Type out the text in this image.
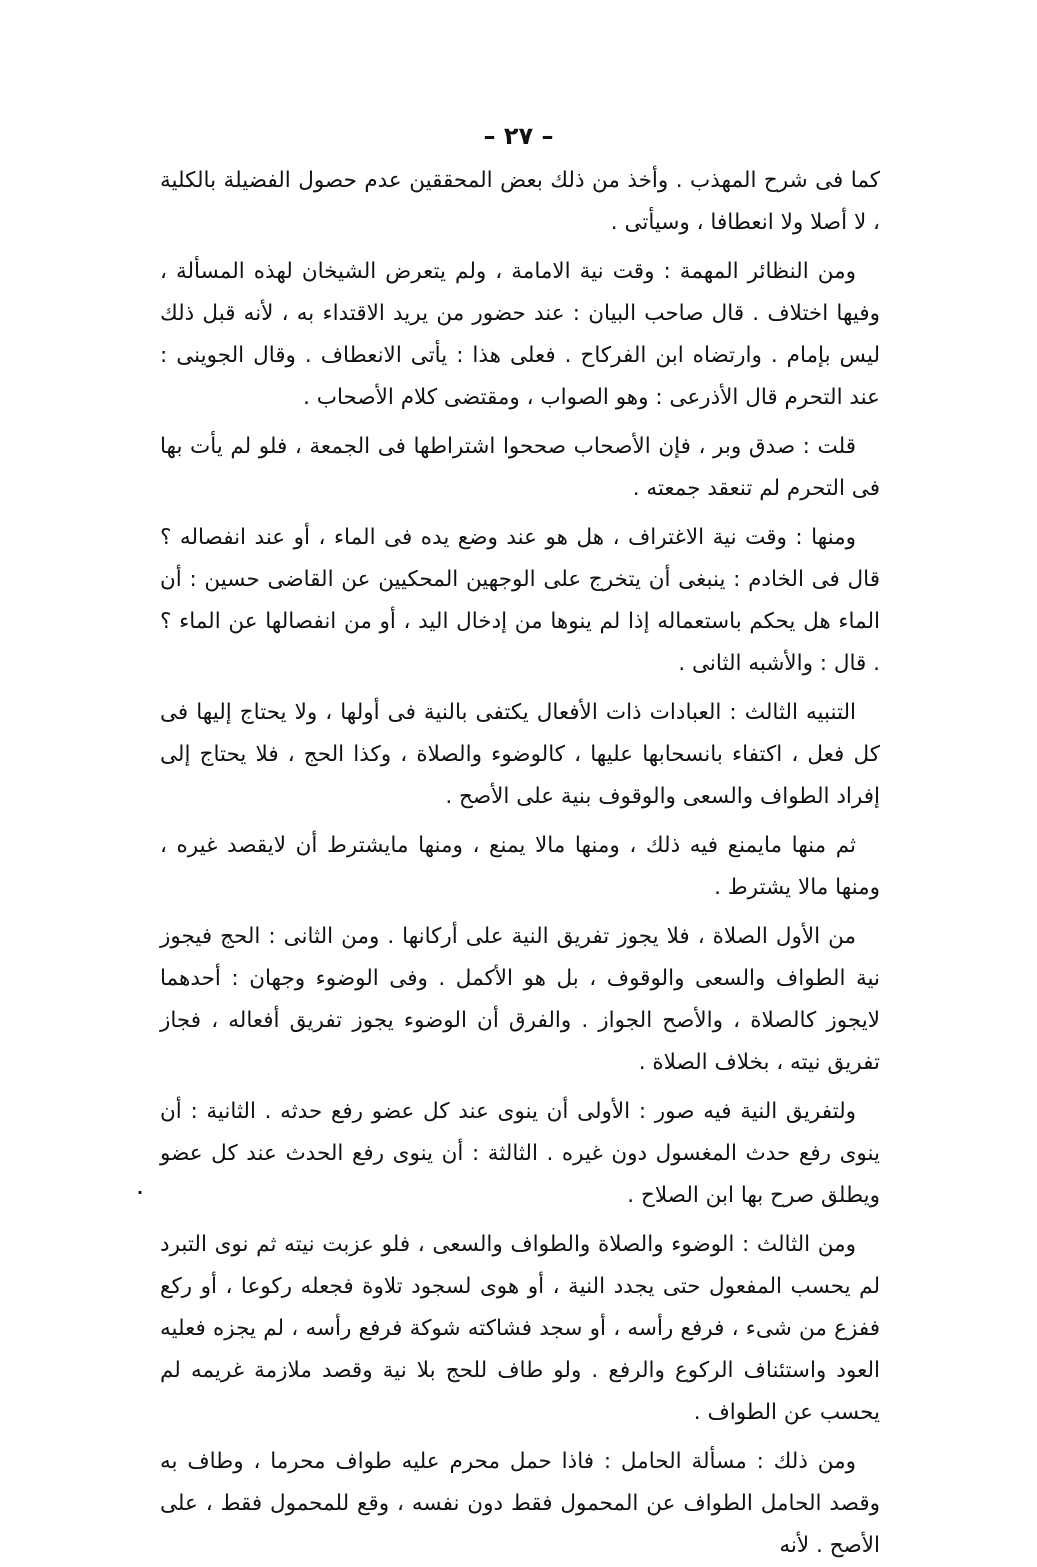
– ٢٧ –

كما فى شرح المهذب . وأخذ من ذلك بعض المحققين عدم حصول الفضيلة بالكلية ، لا أصلا ولا انعطافا ، وسيأتى .

ومن النظائر المهمة : وقت نية الامامة ، ولم يتعرض الشيخان لهذه المسألة ، وفيها اختلاف . قال صاحب البيان : عند حضور من يريد الاقتداء به ، لأنه قبل ذلك ليس بإمام . وارتضاه ابن الفركاح . فعلى هذا : يأتى الانعطاف . وقال الجوينى : عند التحرم قال الأذرعى : وهو الصواب ، ومقتضى كلام الأصحاب .

قلت : صدق وبر ، فإن الأصحاب صححوا اشتراطها فى الجمعة ، فلو لم يأت بها فى التحرم لم تنعقد جمعته .

ومنها : وقت نية الاغتراف ، هل هو عند وضع يده فى الماء ، أو عند انفصاله ؟ قال فى الخادم : ينبغى أن يتخرج على الوجهين المحكيين عن القاضى حسين : أن الماء هل يحكم باستعماله إذا لم ينوها من إدخال اليد ، أو من انفصالها عن الماء ؟ . قال : والأشبه الثانى .

التنبيه الثالث : العبادات ذات الأفعال يكتفى بالنية فى أولها ، ولا يحتاج إليها فى كل فعل ، اكتفاء بانسحابها عليها ، كالوضوء والصلاة ، وكذا الحج ، فلا يحتاج إلى إفراد الطواف والسعى والوقوف بنية على الأصح .

ثم منها مايمنع فيه ذلك ، ومنها مالا يمنع ، ومنها مايشترط أن لايقصد غيره ، ومنها مالا يشترط .

من الأول الصلاة ، فلا يجوز تفريق النية على أركانها . ومن الثانى : الحج فيجوز نية الطواف والسعى والوقوف ، بل هو الأكمل . وفى الوضوء وجهان : أحدهما لايجوز كالصلاة ، والأصح الجواز . والفرق أن الوضوء يجوز تفريق أفعاله ، فجاز تفريق نيته ، بخلاف الصلاة .

ولتفريق النية فيه صور : الأولى أن ينوى عند كل عضو رفع حدثه . الثانية : أن ينوى رفع حدث المغسول دون غيره . الثالثة : أن ينوى رفع الحدث عند كل عضو ويطلق صرح بها ابن الصلاح .

ومن الثالث : الوضوء والصلاة والطواف والسعى ، فلو عزبت نيته ثم نوى التبرد لم يحسب المفعول حتى يجدد النية ، أو هوى لسجود تلاوة فجعله ركوعا ، أو ركع ففزع من شىء ، فرفع رأسه ، أو سجد فشاكته شوكة فرفع رأسه ، لم يجزه فعليه العود واستئناف الركوع والرفع . ولو طاف للحج بلا نية وقصد ملازمة غريمه لم يحسب عن الطواف .

ومن ذلك : مسألة الحامل : فاذا حمل محرم عليه طواف محرما ، وطاف به وقصد الحامل الطواف عن المحمول فقط دون نفسه ، وقع للمحمول فقط ، على الأصح . لأنه

·
